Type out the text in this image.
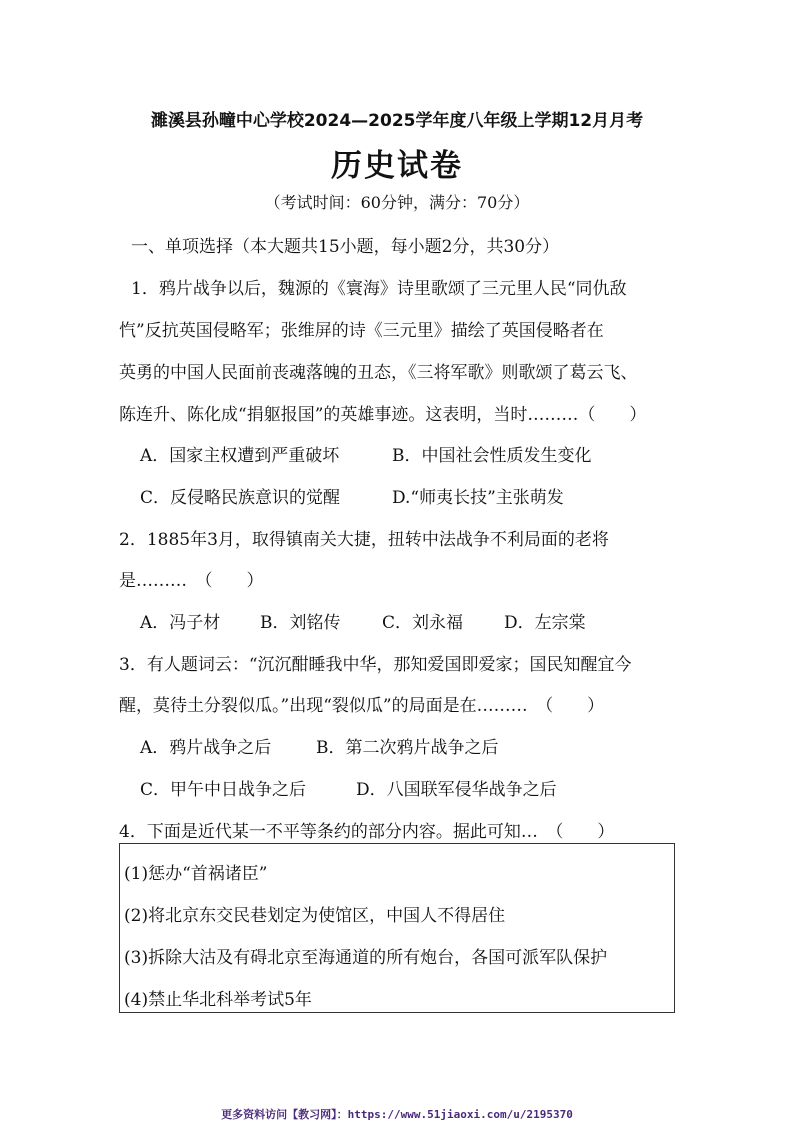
濉溪县孙疃中心学校2024—2025学年度八年级上学期12月月考
历史试卷
（考试时间：60分钟，满分：70分）
一、单项选择（本大题共15小题，每小题2分，共30分）
1．鸦片战争以后，魏源的《寰海》诗里歌颂了三元里人民“同仇敌
忾”反抗英国侵略军；张维屏的诗《三元里》描绘了英国侵略者在
英勇的中国人民面前丧魂落魄的丑态，《三将军歌》则歌颂了葛云飞、
陈连升、陈化成“捐躯报国”的英雄事迹。这表明，当时………（　　）
A．国家主权遭到严重破坏	B．中国社会性质发生变化
C．反侵略民族意识的觉醒	D.“师夷长技”主张萌发
2．1885年3月，取得镇南关大捷，扭转中法战争不利局面的老将
是………　（　　）
A．冯子材 B．刘铭传 C．刘永福 D．左宗棠
3．有人题词云：“沉沉酣睡我中华，那知爱国即爱家；国民知醒宜今
醒，莫待土分裂似瓜。”出现“裂似瓜”的局面是在………　（　　）
A．鸦片战争之后	B．第二次鸦片战争之后
C．甲午中日战争之后	D．八国联军侵华战争之后
4．下面是近代某一不平等条约的部分内容。据此可知…　（　　）
(1)惩办“首祸诸臣”
(2)将北京东交民巷划定为使馆区，中国人不得居住
(3)拆除大沽及有碍北京至海通道的所有炮台，各国可派军队保护
(4)禁止华北科举考试5年
更多资料访问【教习网】：https://www.51jiaoxi.com/u/2195370
